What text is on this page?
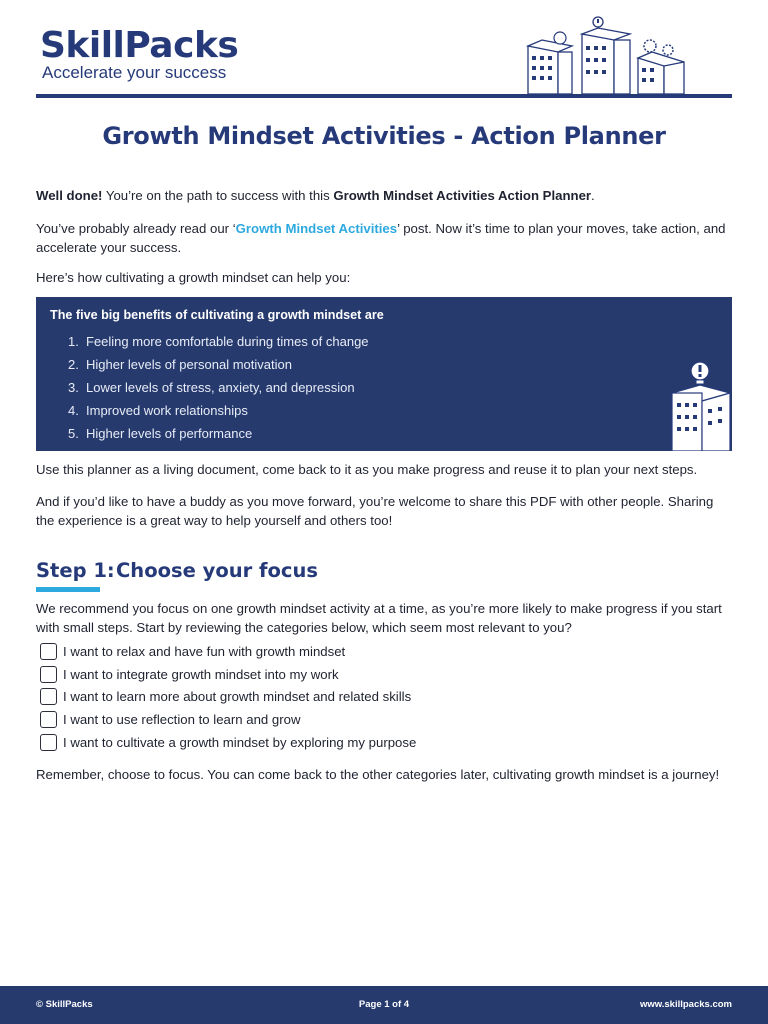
SkillPacks
Accelerate your success
Growth Mindset Activities - Action Planner

Well done! You’re on the path to success with this Growth Mindset Activities Action Planner.

You’ve probably already read our ‘Growth Mindset Activities’ post. Now it’s time to plan your moves, take action, and accelerate your success.

Here’s how cultivating a growth mindset can help you:

The five big benefits of cultivating a growth mindset are
1. Feeling more comfortable during times of change
2. Higher levels of personal motivation
3. Lower levels of stress, anxiety, and depression
4. Improved work relationships
5. Higher levels of performance

Use this planner as a living document, come back to it as you make progress and reuse it to plan your next steps.

And if you’d like to have a buddy as you move forward, you’re welcome to share this PDF with other people. Sharing the experience is a great way to help yourself and others too!

Step 1:Choose your focus

We recommend you focus on one growth mindset activity at a time, as you’re more likely to make progress if you start with small steps. Start by reviewing the categories below, which seem most relevant to you?

I want to relax and have fun with growth mindset
I want to integrate growth mindset into my work
I want to learn more about growth mindset and related skills
I want to use reflection to learn and grow
I want to cultivate a growth mindset by exploring my purpose

Remember, choose to focus. You can come back to the other categories later, cultivating growth mindset is a journey!

© SkillPacks	Page 1 of 4	www.skillpacks.com
